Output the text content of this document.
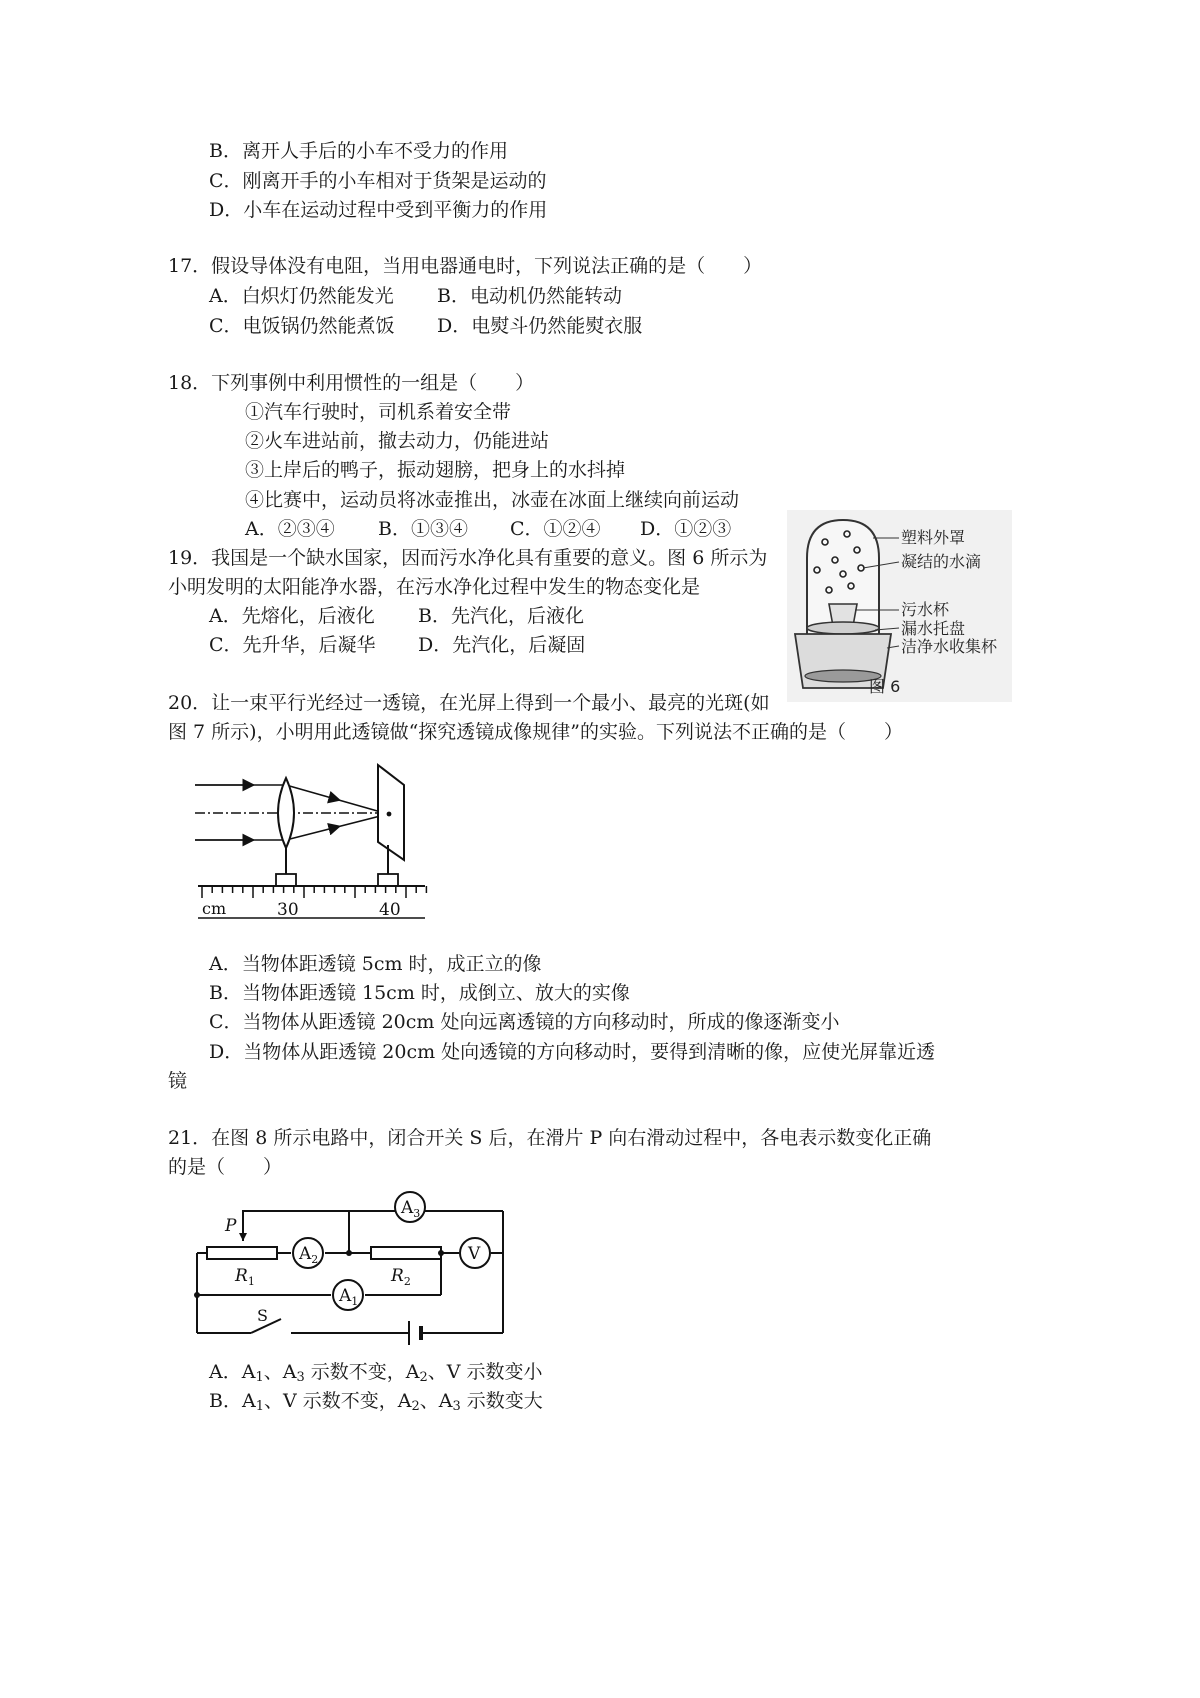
B．离开人手后的小车不受力的作用
C．刚离开手的小车相对于货架是运动的
D．小车在运动过程中受到平衡力的作用
17．假设导体没有电阻，当用电器通电时，下列说法正确的是（　　）
A．白炽灯仍然能发光 B．电动机仍然能转动
C．电饭锅仍然能煮饭 D．电熨斗仍然能熨衣服
18．下列事例中利用惯性的一组是（　　）
①汽车行驶时，司机系着安全带
②火车进站前，撤去动力，仍能进站
③上岸后的鸭子，振动翅膀，把身上的水抖掉
④比赛中，运动员将冰壶推出，冰壶在冰面上继续向前运动
A．②③④ B．①③④ C．①②④ D．①②③
19．我国是一个缺水国家，因而污水净化具有重要的意义。图 6 所示为
小明发明的太阳能净水器，在污水净化过程中发生的物态变化是
A．先熔化，后液化 B．先汽化，后液化
C．先升华，后凝华 D．先汽化，后凝固
塑料外罩
凝结的水滴
污水杯
漏水托盘
洁净水收集杯
图 6
20．让一束平行光经过一透镜，在光屏上得到一个最小、最亮的光斑(如
图 7 所示)，小明用此透镜做“探究透镜成像规律”的实验。下列说法不正确的是（　　）
cm	30	40
A．当物体距透镜 5cm 时，成正立的像
B．当物体距透镜 15cm 时，成倒立、放大的实像
C．当物体从距透镜 20cm 处向远离透镜的方向移动时，所成的像逐渐变小
D．当物体从距透镜 20cm 处向透镜的方向移动时，要得到清晰的像，应使光屏靠近透
镜
21．在图 8 所示电路中，闭合开关 S 后，在滑片 P 向右滑动过程中，各电表示数变化正确
的是（　　）
$A_3$
$A_2$
$A_1$
V
P
$R_1$	$R_2$
S
A．$A_1$、$A_3$ 示数不变，$A_2$、V 示数变小
B．$A_1$、V 示数不变，$A_2$、$A_3$ 示数变大
